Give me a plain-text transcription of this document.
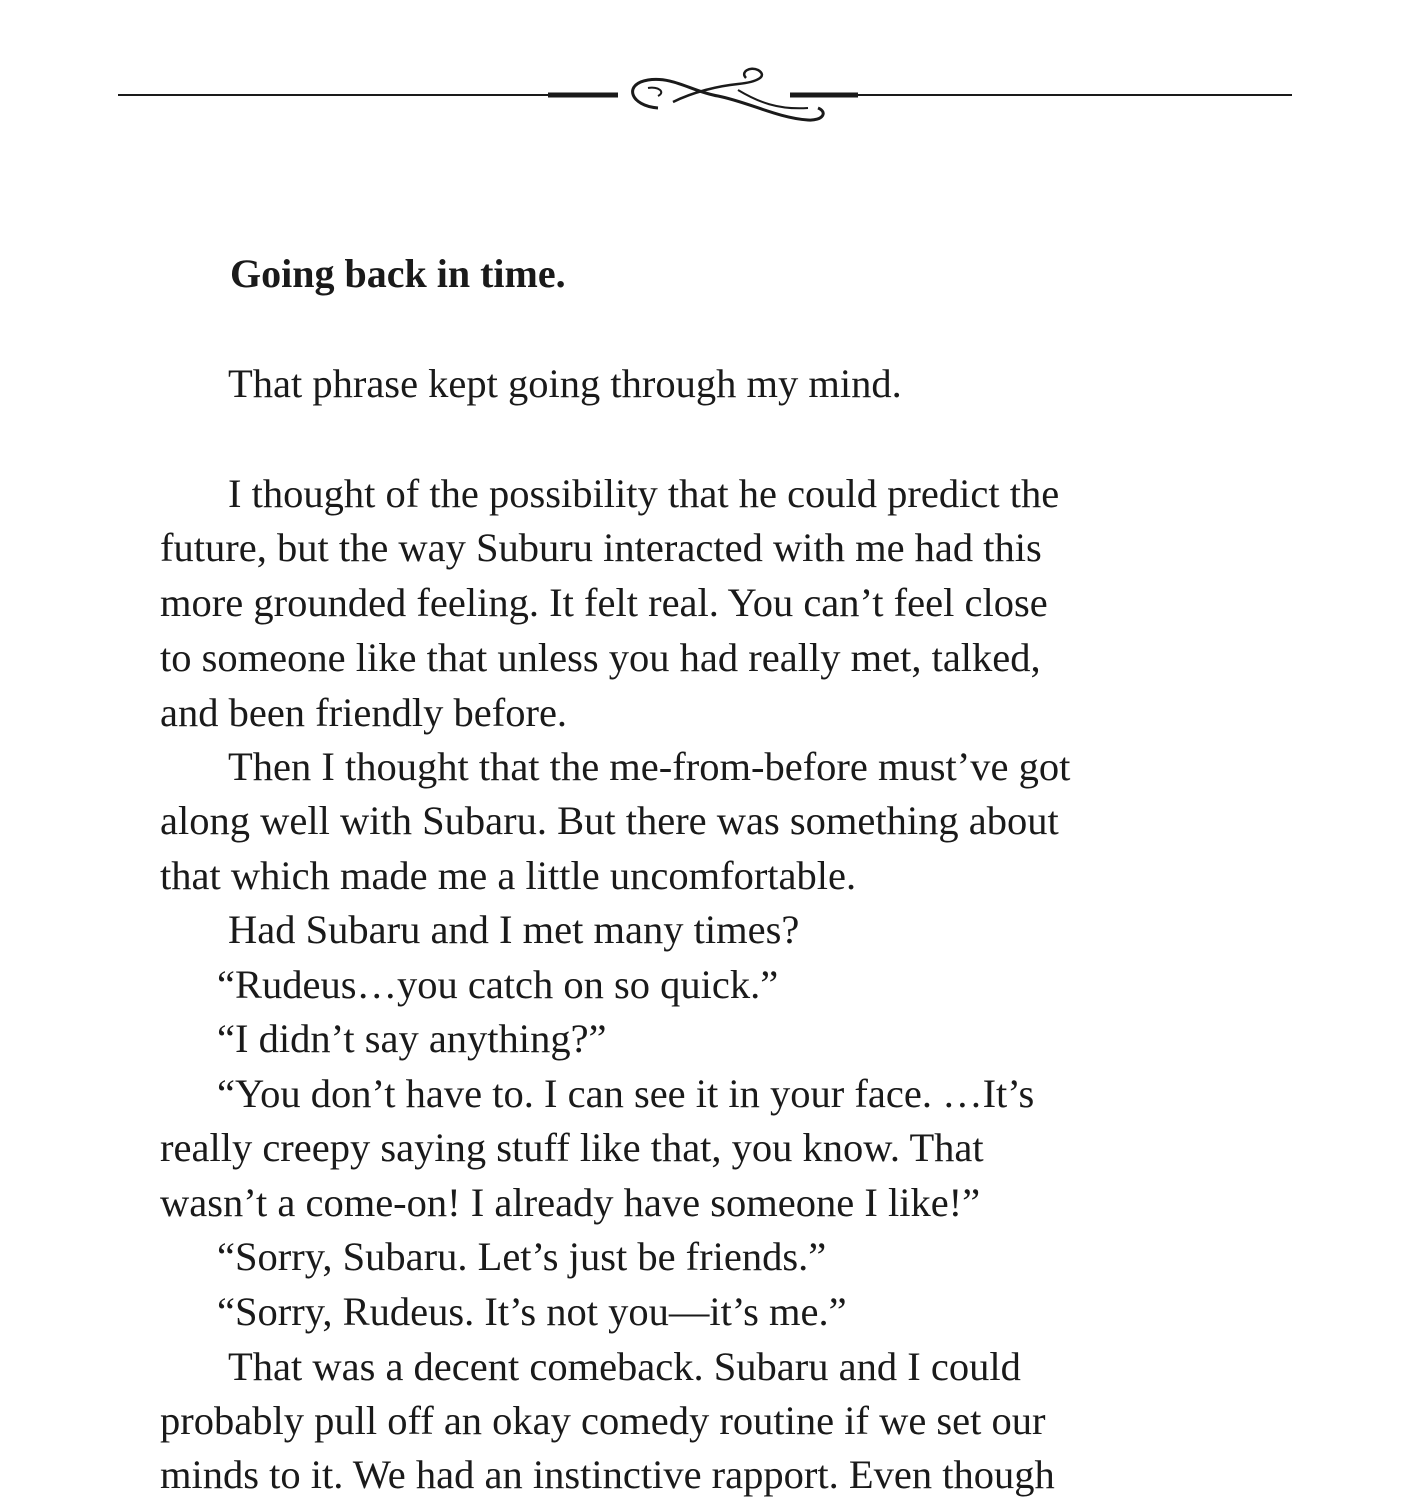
Going back in time.
That phrase kept going through my mind.
I thought of the possibility that he could predict the
future, but the way Suburu interacted with me had this
more grounded feeling. It felt real. You can’t feel close
to someone like that unless you had really met, talked,
and been friendly before.
Then I thought that the me-from-before must’ve got
along well with Subaru. But there was something about
that which made me a little uncomfortable.
Had Subaru and I met many times?
“Rudeus…you catch on so quick.”
“I didn’t say anything?”
“You don’t have to. I can see it in your face. …It’s
really creepy saying stuff like that, you know. That
wasn’t a come-on! I already have someone I like!”
“Sorry, Subaru. Let’s just be friends.”
“Sorry, Rudeus. It’s not you—it’s me.”
That was a decent comeback. Subaru and I could
probably pull off an okay comedy routine if we set our
minds to it. We had an instinctive rapport. Even though
